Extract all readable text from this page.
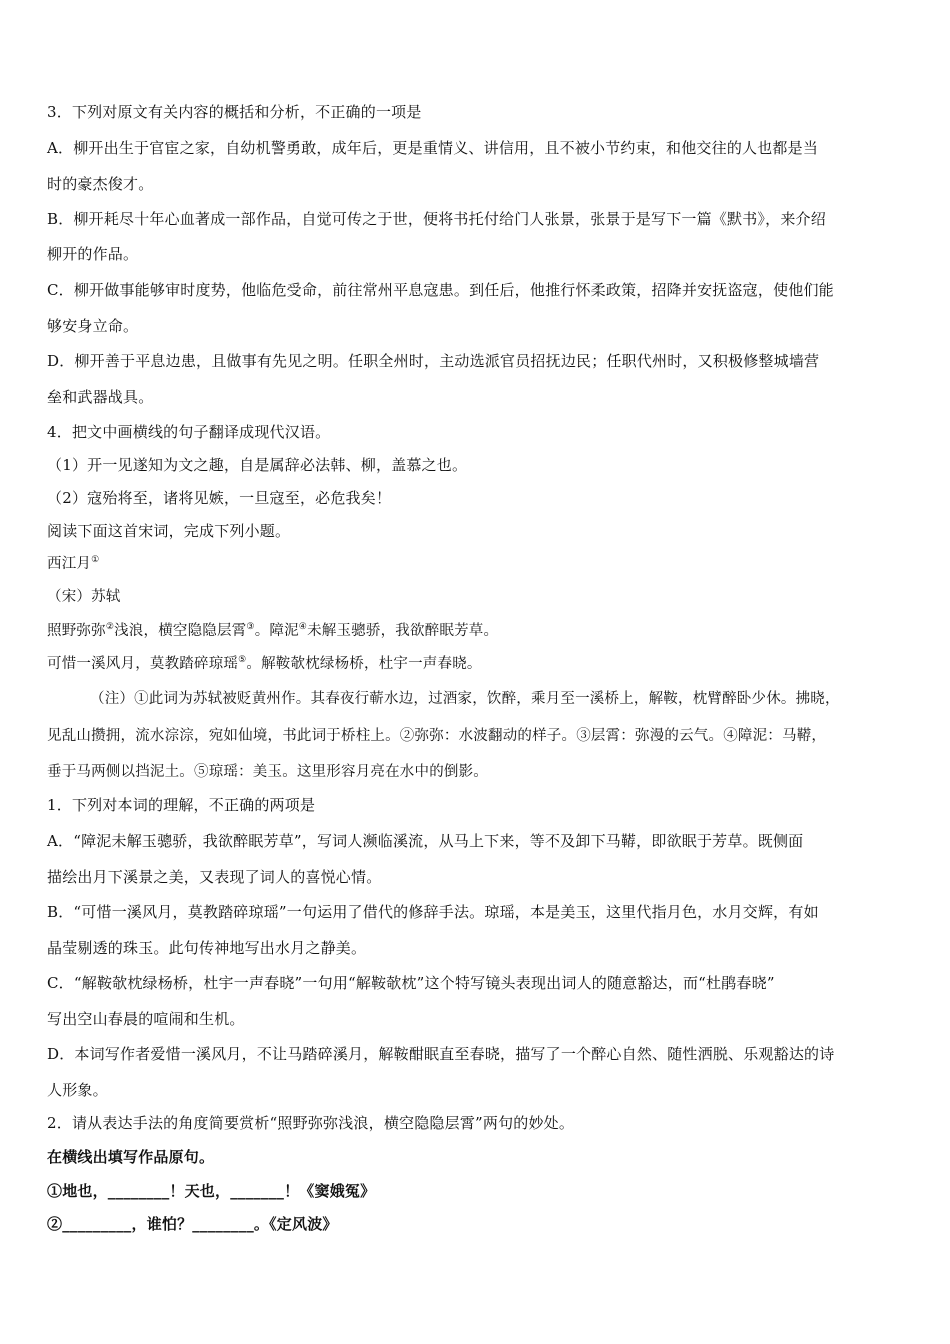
3．下列对原文有关内容的概括和分析，不正确的一项是
A．柳开出生于官宦之家，自幼机警勇敢，成年后，更是重情义、讲信用，且不被小节约束，和他交往的人也都是当
时的豪杰俊才。
B．柳开耗尽十年心血著成一部作品，自觉可传之于世，便将书托付给门人张景，张景于是写下一篇《默书》，来介绍
柳开的作品。
C．柳开做事能够审时度势，他临危受命，前往常州平息寇患。到任后，他推行怀柔政策，招降并安抚盗寇，使他们能
够安身立命。
D．柳开善于平息边患，且做事有先见之明。任职全州时，主动选派官员招抚边民；任职代州时，又积极修整城墙营
垒和武器战具。
4．把文中画横线的句子翻译成现代汉语。
（1）开一见遂知为文之趣，自是属辞必法韩、柳，盖慕之也。
（2）寇殆将至，诸将见嫉，一旦寇至，必危我矣！
阅读下面这首宋词，完成下列小题。
西江月①
（宋）苏轼
照野弥弥②浅浪，横空隐隐层霄③。障泥④未解玉骢骄，我欲醉眠芳草。
可惜一溪风月，莫教踏碎琼瑶⑤。解鞍欹枕绿杨桥，杜宇一声春晓。
（注）①此词为苏轼被贬黄州作。其春夜行蕲水边，过酒家，饮醉，乘月至一溪桥上，解鞍，枕臂醉卧少休。拂晓，
见乱山攒拥，流水淙淙，宛如仙境，书此词于桥柱上。②弥弥：水波翻动的样子。③层霄：弥漫的云气。④障泥：马鞯，
垂于马两侧以挡泥土。⑤琼瑶：美玉。这里形容月亮在水中的倒影。
1．下列对本词的理解，不正确的两项是
A．“障泥未解玉骢骄，我欲醉眠芳草”，写词人濒临溪流，从马上下来，等不及卸下马鞯，即欲眠于芳草。既侧面
描绘出月下溪景之美，又表现了词人的喜悦心情。
B．“可惜一溪风月，莫教踏碎琼瑶”一句运用了借代的修辞手法。琼瑶，本是美玉，这里代指月色，水月交辉，有如
晶莹剔透的珠玉。此句传神地写出水月之静美。
C．“解鞍欹枕绿杨桥，杜宇一声春晓”一句用“解鞍欹枕”这个特写镜头表现出词人的随意豁达，而“杜鹃春晓”
写出空山春晨的喧闹和生机。
D．本词写作者爱惜一溪风月，不让马踏碎溪月，解鞍酣眠直至春晓，描写了一个醉心自然、随性洒脱、乐观豁达的诗
人形象。
2．请从表达手法的角度简要赏析“照野弥弥浅浪，横空隐隐层霄”两句的妙处。
在横线出填写作品原句。
①地也，________！天也，_______！《窦娥冤》
②_________，谁怕？________。《定风波》
